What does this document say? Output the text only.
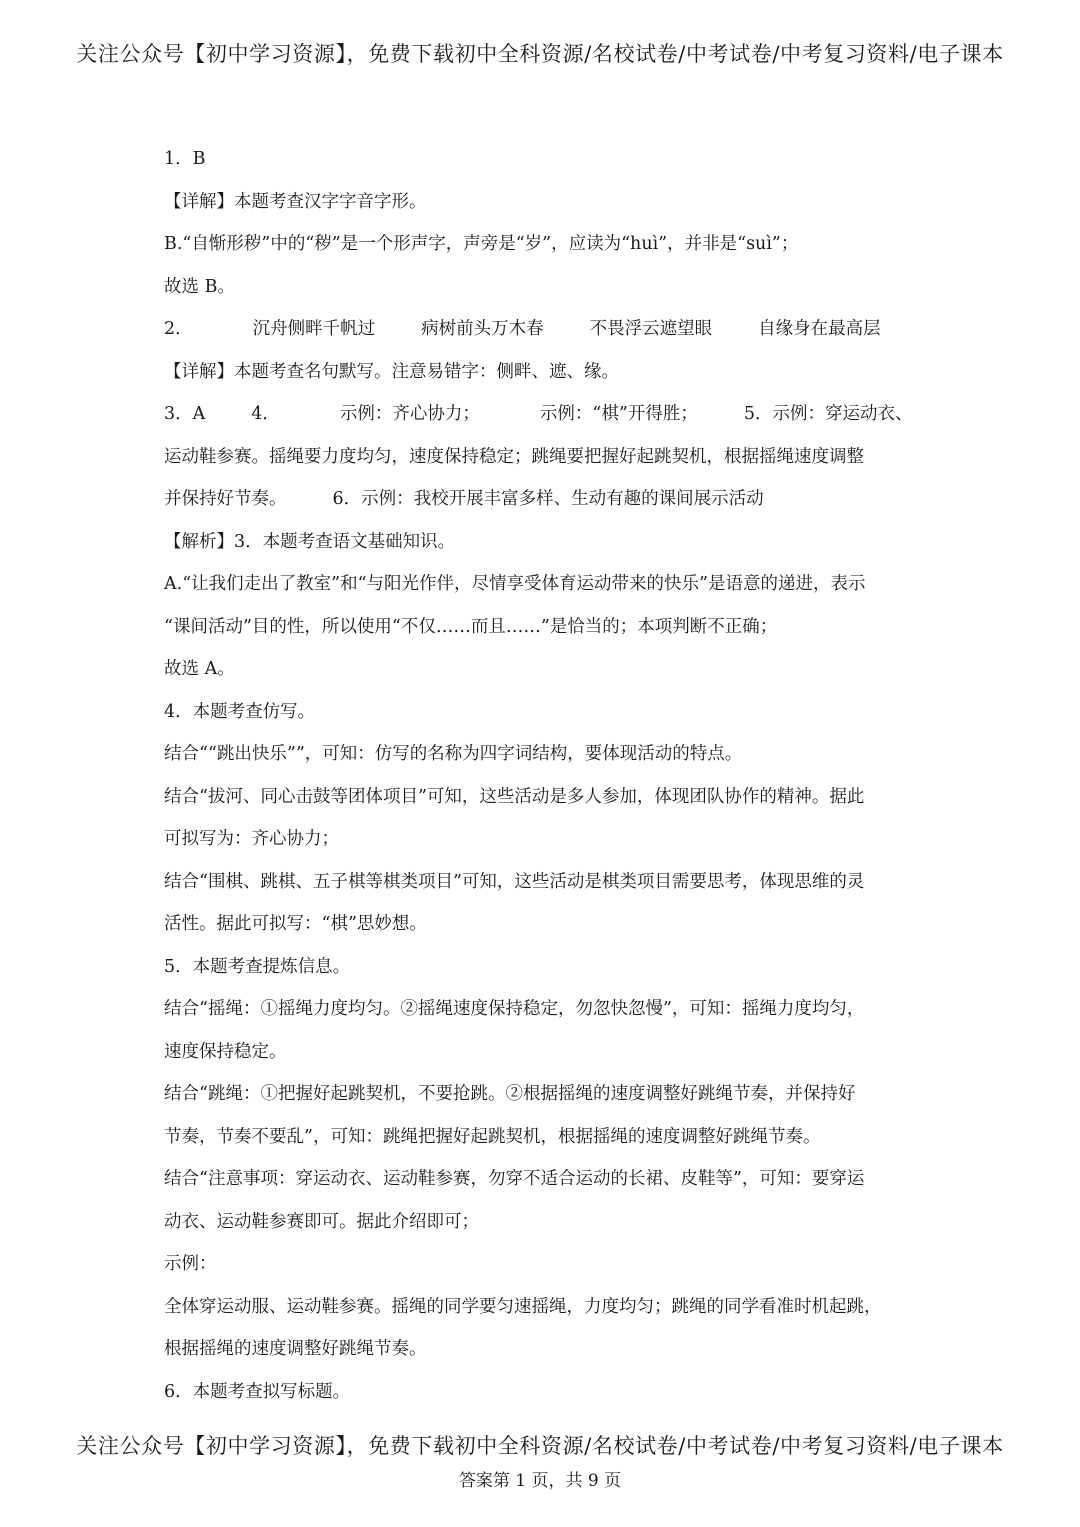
关注公众号【初中学习资源】，免费下载初中全科资源/名校试卷/中考试卷/中考复习资料/电子课本
1．B
【详解】本题考查汉字字音字形。
B.“自惭形秽”中的“秽”是一个形声字，声旁是“岁”，应读为“huì”，并非是“suì”；
故选 B。
2．	沉舟侧畔千帆过	病树前头万木春	不畏浮云遮望眼	自缘身在最高层
【详解】本题考查名句默写。注意易错字：侧畔、遮、缘。
3．A	4．	示例：齐心协力；	示例：“棋”开得胜；	5．示例：穿运动衣、
运动鞋参赛。摇绳要力度均匀，速度保持稳定；跳绳要把握好起跳契机，根据摇绳速度调整
并保持好节奏。	6．示例：我校开展丰富多样、生动有趣的课间展示活动
【解析】3．本题考查语文基础知识。
A.“让我们走出了教室”和“与阳光作伴，尽情享受体育运动带来的快乐”是语意的递进，表示
“课间活动”目的性，所以使用“不仅……而且……”是恰当的；本项判断不正确；
故选 A。
4．本题考查仿写。
结合““跳出快乐””，可知：仿写的名称为四字词结构，要体现活动的特点。
结合“拔河、同心击鼓等团体项目”可知，这些活动是多人参加，体现团队协作的精神。据此
可拟写为：齐心协力；
结合“围棋、跳棋、五子棋等棋类项目”可知，这些活动是棋类项目需要思考，体现思维的灵
活性。据此可拟写：“棋”思妙想。
5．本题考查提炼信息。
结合“摇绳：①摇绳力度均匀。②摇绳速度保持稳定，勿忽快忽慢”，可知：摇绳力度均匀，
速度保持稳定。
结合“跳绳：①把握好起跳契机，不要抢跳。②根据摇绳的速度调整好跳绳节奏，并保持好
节奏，节奏不要乱”，可知：跳绳把握好起跳契机，根据摇绳的速度调整好跳绳节奏。
结合“注意事项：穿运动衣、运动鞋参赛，勿穿不适合运动的长裙、皮鞋等”，可知：要穿运
动衣、运动鞋参赛即可。据此介绍即可；
示例：
全体穿运动服、运动鞋参赛。摇绳的同学要匀速摇绳，力度均匀；跳绳的同学看准时机起跳，
根据摇绳的速度调整好跳绳节奏。
6．本题考查拟写标题。
关注公众号【初中学习资源】，免费下载初中全科资源/名校试卷/中考试卷/中考复习资料/电子课本
答案第 1 页，共 9 页
